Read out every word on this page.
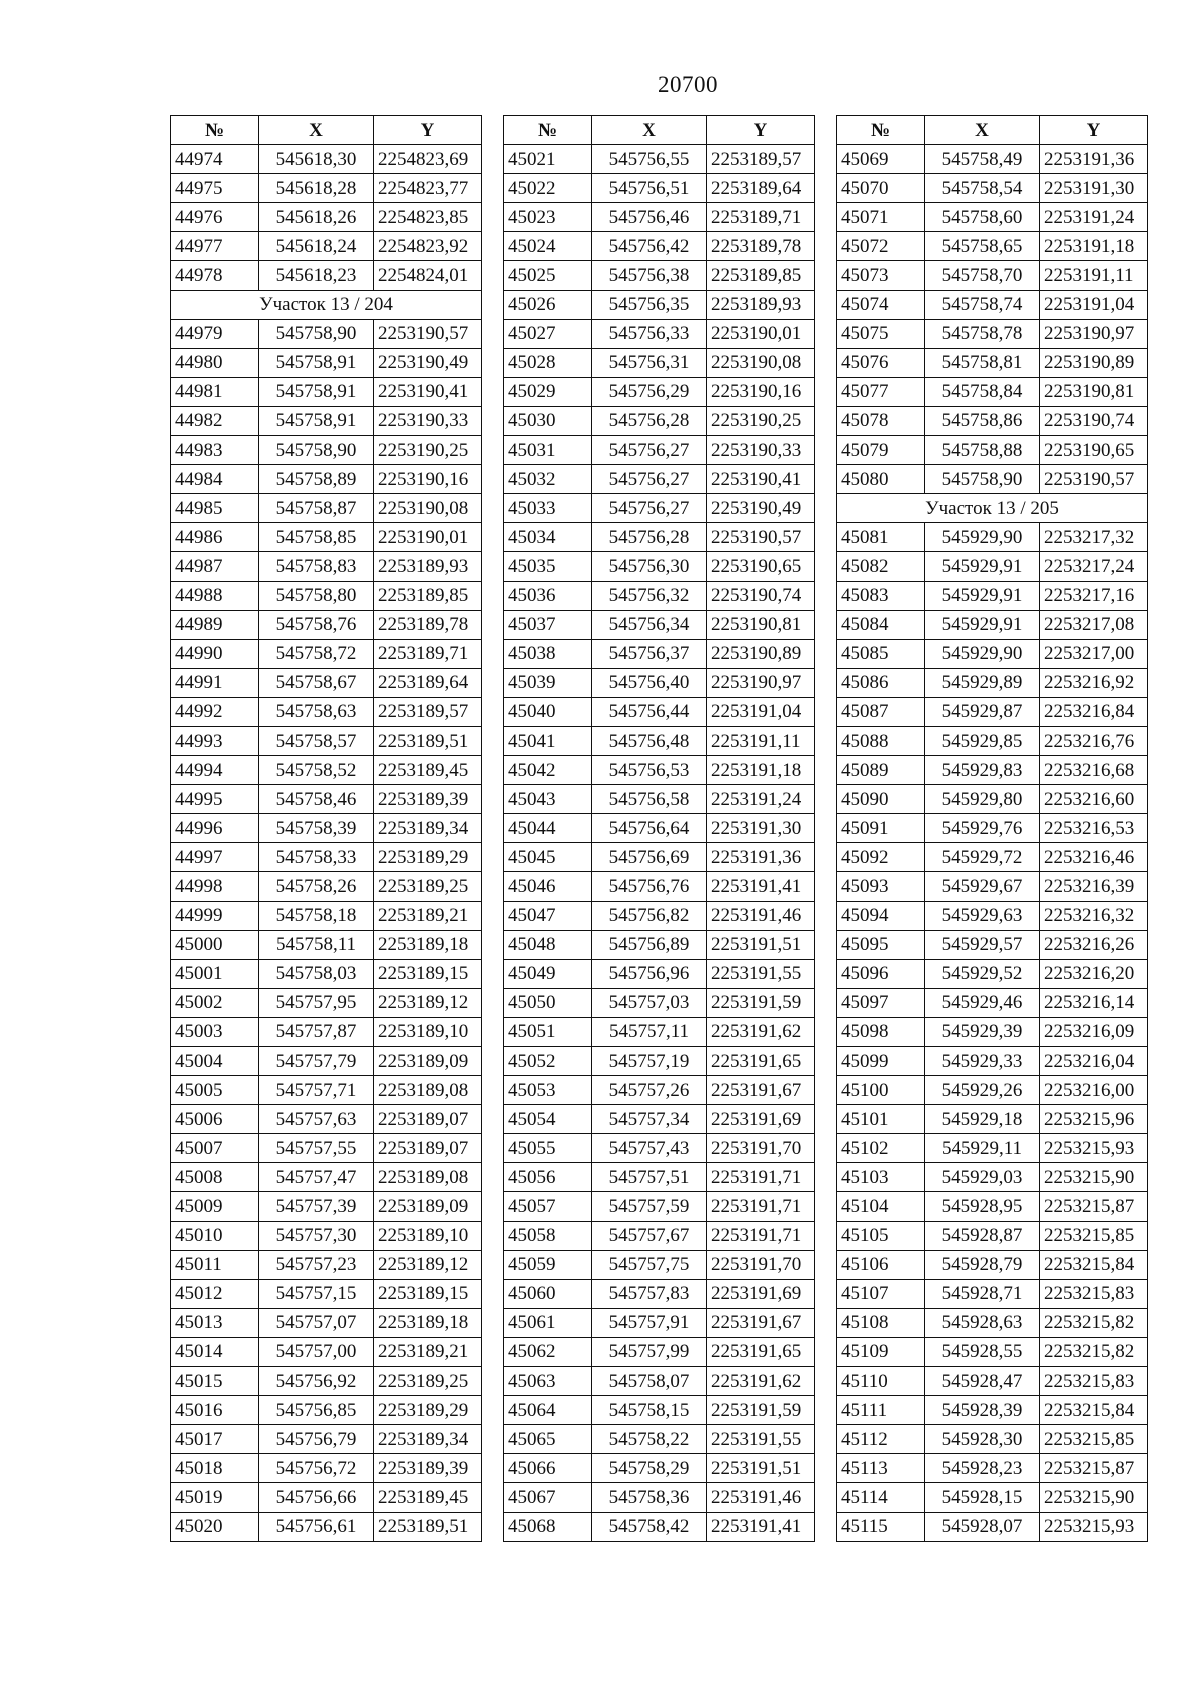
20700
№	X	Y
44974	545618,30	2254823,69
44975	545618,28	2254823,77
44976	545618,26	2254823,85
44977	545618,24	2254823,92
44978	545618,23	2254824,01
Участок 13 / 204		
44979	545758,90	2253190,57
44980	545758,91	2253190,49
44981	545758,91	2253190,41
44982	545758,91	2253190,33
44983	545758,90	2253190,25
44984	545758,89	2253190,16
44985	545758,87	2253190,08
44986	545758,85	2253190,01
44987	545758,83	2253189,93
44988	545758,80	2253189,85
44989	545758,76	2253189,78
44990	545758,72	2253189,71
44991	545758,67	2253189,64
44992	545758,63	2253189,57
44993	545758,57	2253189,51
44994	545758,52	2253189,45
44995	545758,46	2253189,39
44996	545758,39	2253189,34
44997	545758,33	2253189,29
44998	545758,26	2253189,25
44999	545758,18	2253189,21
45000	545758,11	2253189,18
45001	545758,03	2253189,15
45002	545757,95	2253189,12
45003	545757,87	2253189,10
45004	545757,79	2253189,09
45005	545757,71	2253189,08
45006	545757,63	2253189,07
45007	545757,55	2253189,07
45008	545757,47	2253189,08
45009	545757,39	2253189,09
45010	545757,30	2253189,10
45011	545757,23	2253189,12
45012	545757,15	2253189,15
45013	545757,07	2253189,18
45014	545757,00	2253189,21
45015	545756,92	2253189,25
45016	545756,85	2253189,29
45017	545756,79	2253189,34
45018	545756,72	2253189,39
45019	545756,66	2253189,45
45020	545756,61	2253189,51
№	X	Y
45021	545756,55	2253189,57
45022	545756,51	2253189,64
45023	545756,46	2253189,71
45024	545756,42	2253189,78
45025	545756,38	2253189,85
45026	545756,35	2253189,93
45027	545756,33	2253190,01
45028	545756,31	2253190,08
45029	545756,29	2253190,16
45030	545756,28	2253190,25
45031	545756,27	2253190,33
45032	545756,27	2253190,41
45033	545756,27	2253190,49
45034	545756,28	2253190,57
45035	545756,30	2253190,65
45036	545756,32	2253190,74
45037	545756,34	2253190,81
45038	545756,37	2253190,89
45039	545756,40	2253190,97
45040	545756,44	2253191,04
45041	545756,48	2253191,11
45042	545756,53	2253191,18
45043	545756,58	2253191,24
45044	545756,64	2253191,30
45045	545756,69	2253191,36
45046	545756,76	2253191,41
45047	545756,82	2253191,46
45048	545756,89	2253191,51
45049	545756,96	2253191,55
45050	545757,03	2253191,59
45051	545757,11	2253191,62
45052	545757,19	2253191,65
45053	545757,26	2253191,67
45054	545757,34	2253191,69
45055	545757,43	2253191,70
45056	545757,51	2253191,71
45057	545757,59	2253191,71
45058	545757,67	2253191,71
45059	545757,75	2253191,70
45060	545757,83	2253191,69
45061	545757,91	2253191,67
45062	545757,99	2253191,65
45063	545758,07	2253191,62
45064	545758,15	2253191,59
45065	545758,22	2253191,55
45066	545758,29	2253191,51
45067	545758,36	2253191,46
45068	545758,42	2253191,41
№	X	Y
45069	545758,49	2253191,36
45070	545758,54	2253191,30
45071	545758,60	2253191,24
45072	545758,65	2253191,18
45073	545758,70	2253191,11
45074	545758,74	2253191,04
45075	545758,78	2253190,97
45076	545758,81	2253190,89
45077	545758,84	2253190,81
45078	545758,86	2253190,74
45079	545758,88	2253190,65
45080	545758,90	2253190,57
Участок 13 / 205		
45081	545929,90	2253217,32
45082	545929,91	2253217,24
45083	545929,91	2253217,16
45084	545929,91	2253217,08
45085	545929,90	2253217,00
45086	545929,89	2253216,92
45087	545929,87	2253216,84
45088	545929,85	2253216,76
45089	545929,83	2253216,68
45090	545929,80	2253216,60
45091	545929,76	2253216,53
45092	545929,72	2253216,46
45093	545929,67	2253216,39
45094	545929,63	2253216,32
45095	545929,57	2253216,26
45096	545929,52	2253216,20
45097	545929,46	2253216,14
45098	545929,39	2253216,09
45099	545929,33	2253216,04
45100	545929,26	2253216,00
45101	545929,18	2253215,96
45102	545929,11	2253215,93
45103	545929,03	2253215,90
45104	545928,95	2253215,87
45105	545928,87	2253215,85
45106	545928,79	2253215,84
45107	545928,71	2253215,83
45108	545928,63	2253215,82
45109	545928,55	2253215,82
45110	545928,47	2253215,83
45111	545928,39	2253215,84
45112	545928,30	2253215,85
45113	545928,23	2253215,87
45114	545928,15	2253215,90
45115	545928,07	2253215,93
